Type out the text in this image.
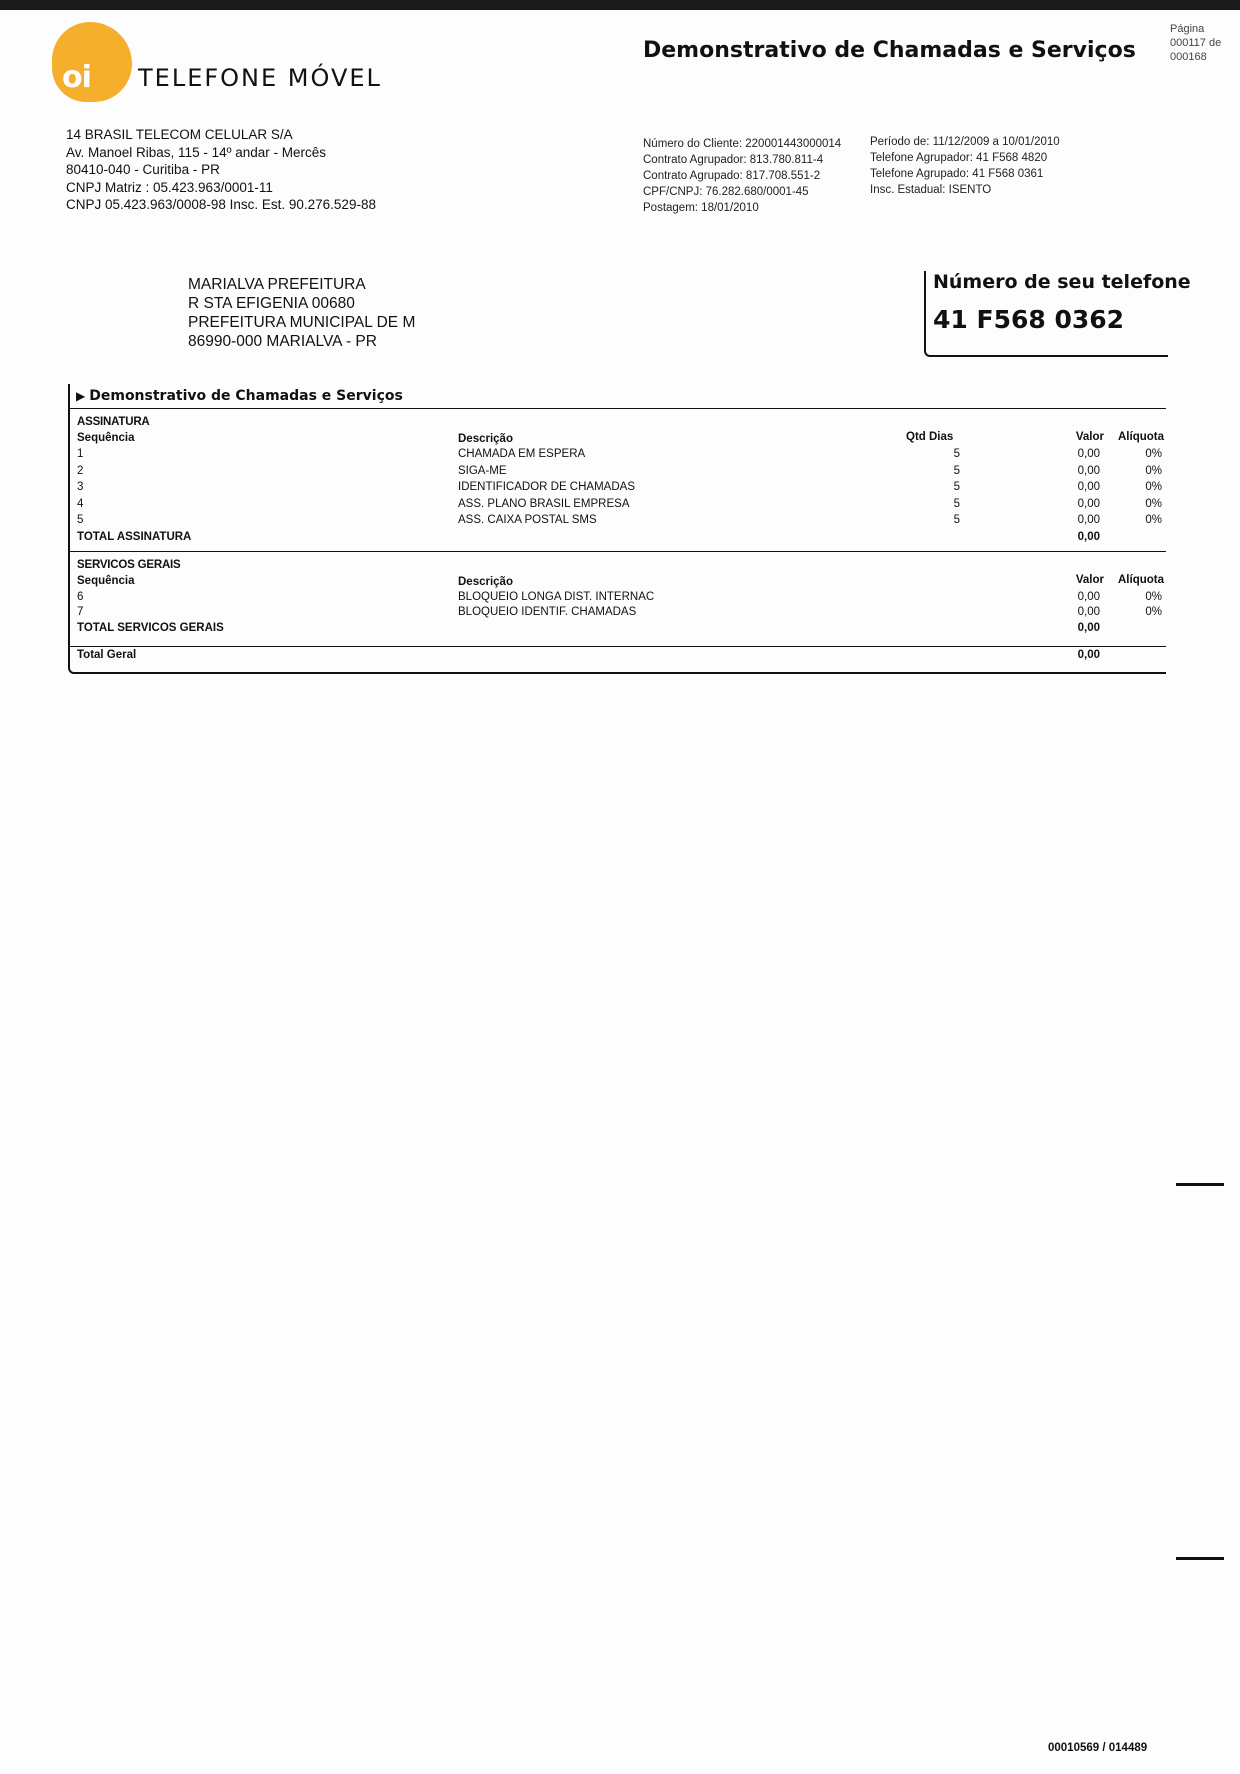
oi TELEFONE MÓVEL
14 BRASIL TELECOM CELULAR S/A
Av. Manoel Ribas, 115 - 14º andar - Mercês
80410-040 - Curitiba - PR
CNPJ Matriz : 05.423.963/0001-11
CNPJ 05.423.963/0008-98 Insc. Est. 90.276.529-88
Demonstrativo de Chamadas e Serviços
Página
000117 de
000168
Número do Cliente: 220001443000014
Contrato Agrupador: 813.780.811-4
Contrato Agrupado: 817.708.551-2
CPF/CNPJ: 76.282.680/0001-45
Postagem: 18/01/2010
Período de: 11/12/2009 a 10/01/2010
Telefone Agrupador: 41 F568 4820
Telefone Agrupado: 41 F568 0361
Insc. Estadual: ISENTO
MARIALVA PREFEITURA
R STA EFIGENIA 00680
PREFEITURA MUNICIPAL DE M
86990-000 MARIALVA - PR
Número de seu telefone
41 F568 0362
▶ Demonstrativo de Chamadas e Serviços
ASSINATURA
Sequência	Descrição	Qtd Dias	Valor	Alíquota
1	CHAMADA EM ESPERA	5	0,00	0%
2	SIGA-ME	5	0,00	0%
3	IDENTIFICADOR DE CHAMADAS	5	0,00	0%
4	ASS. PLANO BRASIL EMPRESA	5	0,00	0%
5	ASS. CAIXA POSTAL SMS	5	0,00	0%
TOTAL ASSINATURA	0,00
SERVICOS GERAIS
Sequência	Descrição	Valor	Alíquota
6	BLOQUEIO LONGA DIST. INTERNAC	0,00	0%
7	BLOQUEIO IDENTIF. CHAMADAS	0,00	0%
TOTAL SERVICOS GERAIS	0,00
Total Geral	0,00
00010569 / 014489
